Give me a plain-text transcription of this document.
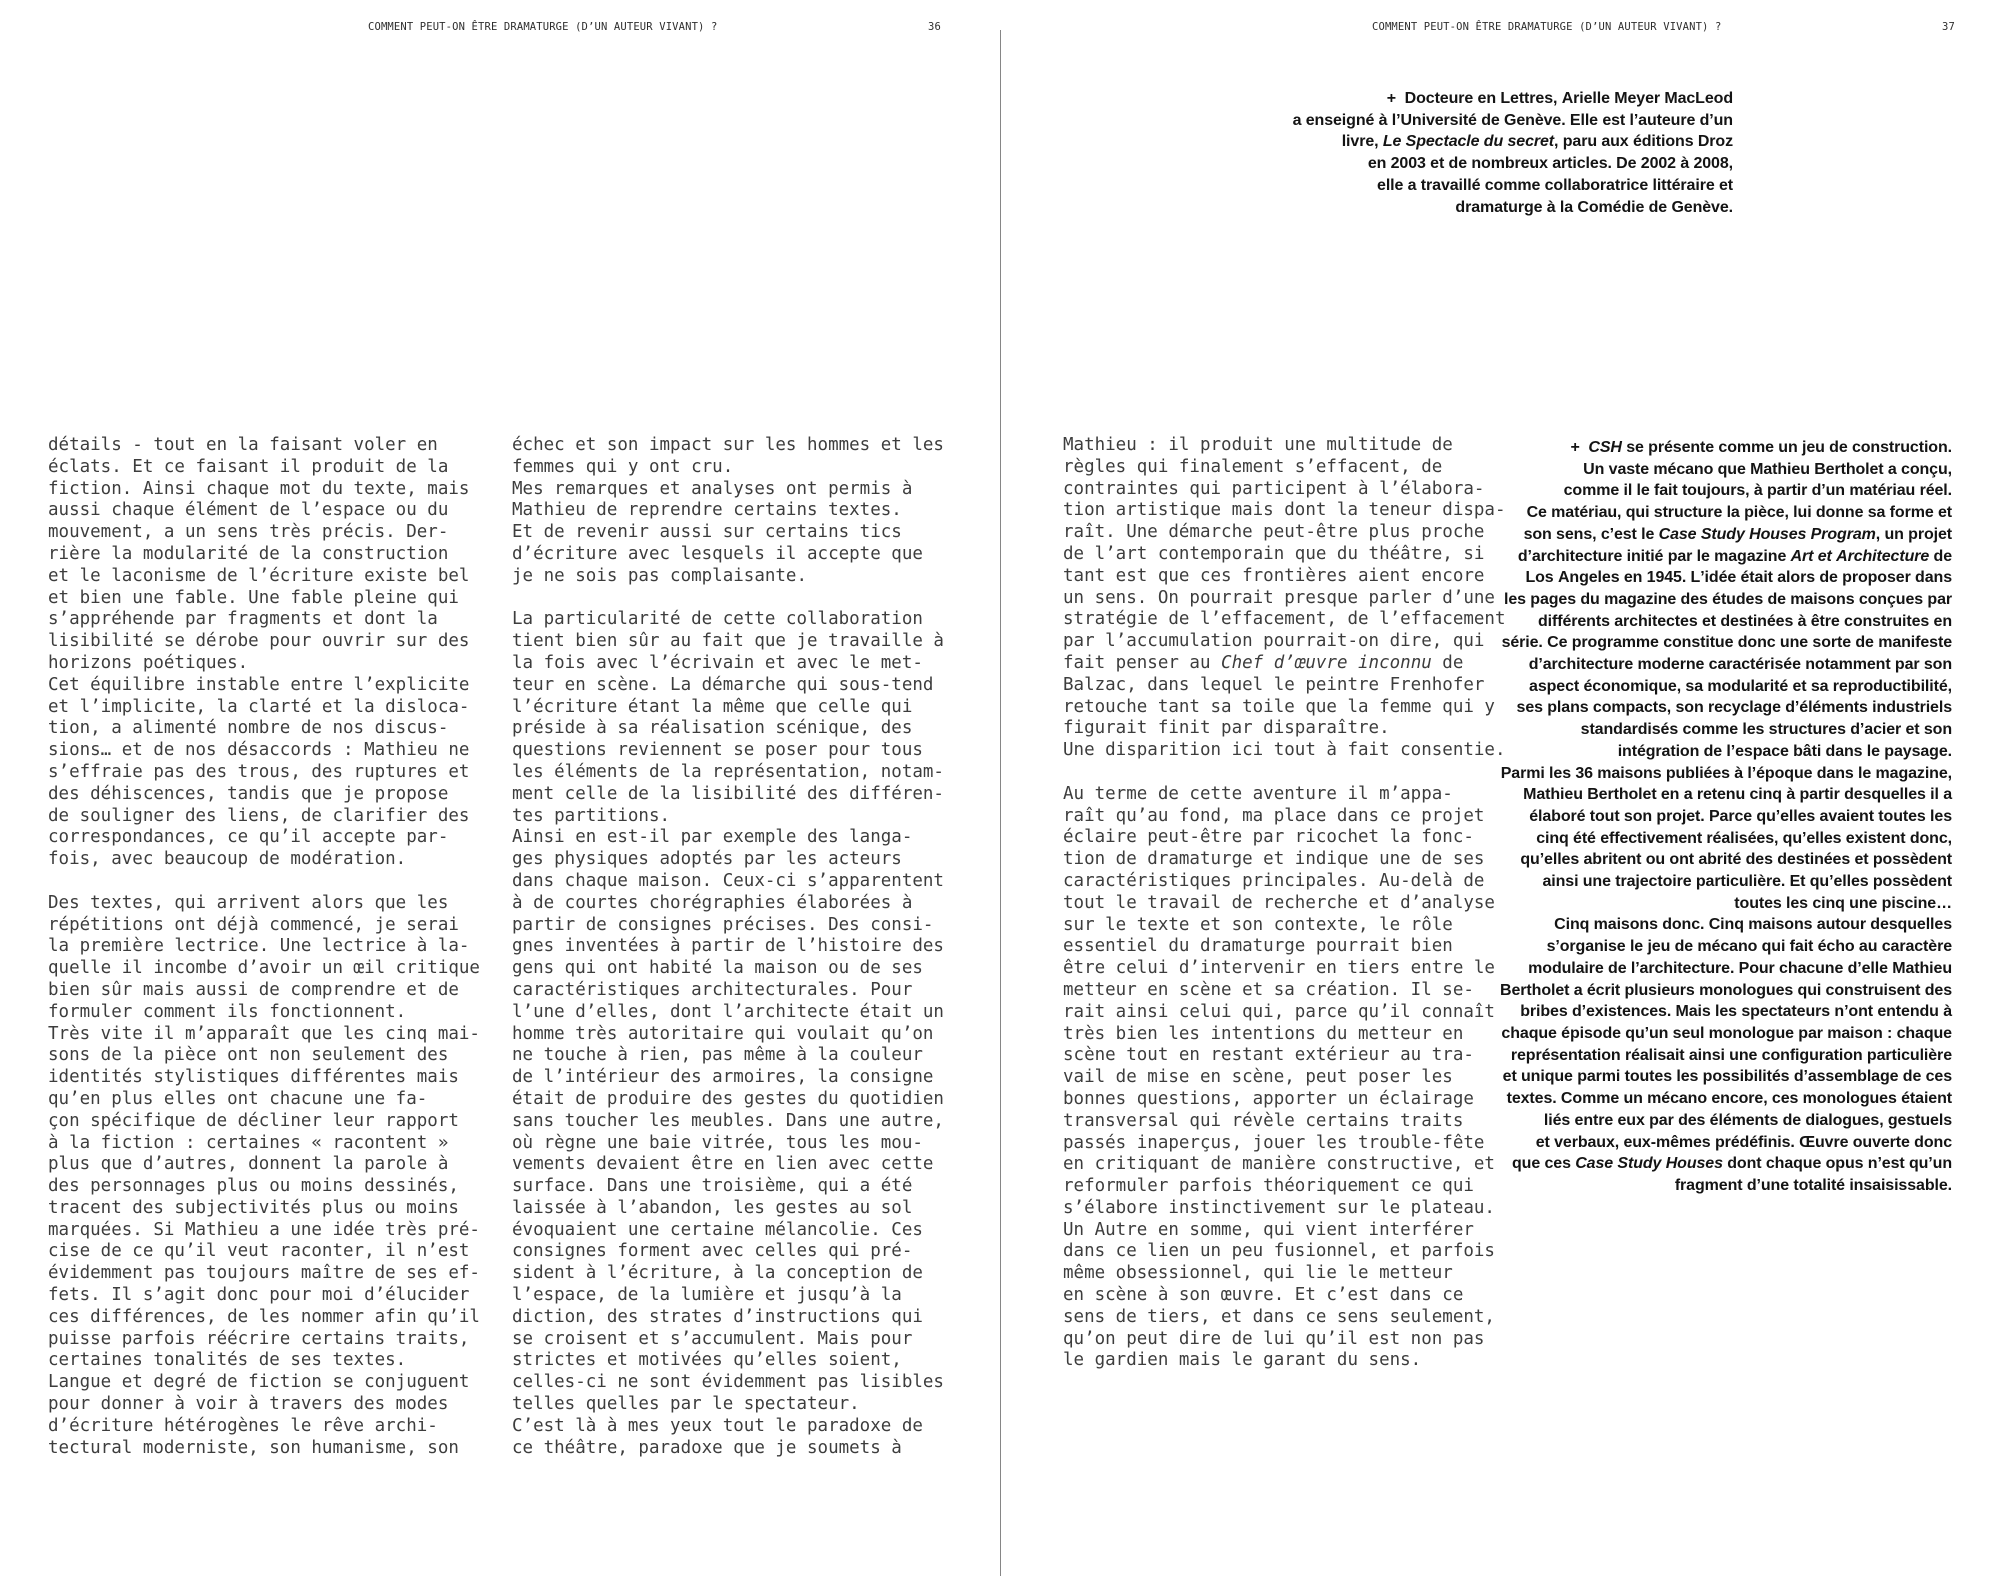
COMMENT PEUT-ON ÊTRE DRAMATURGE (D’UN AUTEUR VIVANT) ?	36
détails - tout en la faisant voler en
éclats. Et ce faisant il produit de la
fiction. Ainsi chaque mot du texte, mais
aussi chaque élément de l’espace ou du
mouvement, a un sens très précis. Der-
rière la modularité de la construction
et le laconisme de l’écriture existe bel
et bien une fable. Une fable pleine qui
s’appréhende par fragments et dont la
lisibilité se dérobe pour ouvrir sur des
horizons poétiques.
Cet équilibre instable entre l’explicite
et l’implicite, la clarté et la disloca-
tion, a alimenté nombre de nos discus-
sions… et de nos désaccords : Mathieu ne
s’effraie pas des trous, des ruptures et
des déhiscences, tandis que je propose
de souligner des liens, de clarifier des
correspondances, ce qu’il accepte par-
fois, avec beaucoup de modération.

Des textes, qui arrivent alors que les
répétitions ont déjà commencé, je serai
la première lectrice. Une lectrice à la-
quelle il incombe d’avoir un œil critique
bien sûr mais aussi de comprendre et de
formuler comment ils fonctionnent.
Très vite il m’apparaît que les cinq mai-
sons de la pièce ont non seulement des
identités stylistiques différentes mais
qu’en plus elles ont chacune une fa-
çon spécifique de décliner leur rapport
à la fiction : certaines « racontent »
plus que d’autres, donnent la parole à
des personnages plus ou moins dessinés,
tracent des subjectivités plus ou moins
marquées. Si Mathieu a une idée très pré-
cise de ce qu’il veut raconter, il n’est
évidemment pas toujours maître de ses ef-
fets. Il s’agit donc pour moi d’élucider
ces différences, de les nommer afin qu’il
puisse parfois réécrire certains traits,
certaines tonalités de ses textes.
Langue et degré de fiction se conjuguent
pour donner à voir à travers des modes
d’écriture hétérogènes le rêve archi-
tectural moderniste, son humanisme, son
échec et son impact sur les hommes et les
femmes qui y ont cru.
Mes remarques et analyses ont permis à
Mathieu de reprendre certains textes.
Et de revenir aussi sur certains tics
d’écriture avec lesquels il accepte que
je ne sois pas complaisante.

La particularité de cette collaboration
tient bien sûr au fait que je travaille à
la fois avec l’écrivain et avec le met-
teur en scène. La démarche qui sous-tend
l’écriture étant la même que celle qui
préside à sa réalisation scénique, des
questions reviennent se poser pour tous
les éléments de la représentation, notam-
ment celle de la lisibilité des différen-
tes partitions.
Ainsi en est-il par exemple des langa-
ges physiques adoptés par les acteurs
dans chaque maison. Ceux-ci s’apparentent
à de courtes chorégraphies élaborées à
partir de consignes précises. Des consi-
gnes inventées à partir de l’histoire des
gens qui ont habité la maison ou de ses
caractéristiques architecturales. Pour
l’une d’elles, dont l’architecte était un
homme très autoritaire qui voulait qu’on
ne touche à rien, pas même à la couleur
de l’intérieur des armoires, la consigne
était de produire des gestes du quotidien
sans toucher les meubles. Dans une autre,
où règne une baie vitrée, tous les mou-
vements devaient être en lien avec cette
surface. Dans une troisième, qui a été
laissée à l’abandon, les gestes au sol
évoquaient une certaine mélancolie. Ces
consignes forment avec celles qui pré-
sident à l’écriture, à la conception de
l’espace, de la lumière et jusqu’à la
diction, des strates d’instructions qui
se croisent et s’accumulent. Mais pour
strictes et motivées qu’elles soient,
celles-ci ne sont évidemment pas lisibles
telles quelles par le spectateur.
C’est là à mes yeux tout le paradoxe de
ce théâtre, paradoxe que je soumets à
COMMENT PEUT-ON ÊTRE DRAMATURGE (D’UN AUTEUR VIVANT) ?	37
+  Docteure en Lettres, Arielle Meyer MacLeod
a enseigné à l’Université de Genève. Elle est l’auteure d’un
livre, Le Spectacle du secret, paru aux éditions Droz
en 2003 et de nombreux articles. De 2002 à 2008,
elle a travaillé comme collaboratrice littéraire et
dramaturge à la Comédie de Genève.
Mathieu : il produit une multitude de
règles qui finalement s’effacent, de
contraintes qui participent à l’élabora-
tion artistique mais dont la teneur dispa-
raît. Une démarche peut-être plus proche
de l’art contemporain que du théâtre, si
tant est que ces frontières aient encore
un sens. On pourrait presque parler d’une
stratégie de l’effacement, de l’effacement
par l’accumulation pourrait-on dire, qui
fait penser au Chef d’œuvre inconnu de
Balzac, dans lequel le peintre Frenhofer
retouche tant sa toile que la femme qui y
figurait finit par disparaître.
Une disparition ici tout à fait consentie.

Au terme de cette aventure il m’appa-
raît qu’au fond, ma place dans ce projet
éclaire peut-être par ricochet la fonc-
tion de dramaturge et indique une de ses
caractéristiques principales. Au-delà de
tout le travail de recherche et d’analyse
sur le texte et son contexte, le rôle
essentiel du dramaturge pourrait bien
être celui d’intervenir en tiers entre le
metteur en scène et sa création. Il se-
rait ainsi celui qui, parce qu’il connaît
très bien les intentions du metteur en
scène tout en restant extérieur au tra-
vail de mise en scène, peut poser les
bonnes questions, apporter un éclairage
transversal qui révèle certains traits
passés inaperçus, jouer les trouble-fête
en critiquant de manière constructive, et
reformuler parfois théoriquement ce qui
s’élabore instinctivement sur le plateau.
Un Autre en somme, qui vient interférer
dans ce lien un peu fusionnel, et parfois
même obsessionnel, qui lie le metteur
en scène à son œuvre. Et c’est dans ce
sens de tiers, et dans ce sens seulement,
qu’on peut dire de lui qu’il est non pas
le gardien mais le garant du sens.
+  CSH se présente comme un jeu de construction.
Un vaste mécano que Mathieu Bertholet a conçu,
comme il le fait toujours, à partir d’un matériau réel.
Ce matériau, qui structure la pièce, lui donne sa forme et
son sens, c’est le Case Study Houses Program, un projet
d’architecture initié par le magazine Art et Architecture de
Los Angeles en 1945. L’idée était alors de proposer dans
les pages du magazine des études de maisons conçues par
différents architectes et destinées à être construites en
série. Ce programme constitue donc une sorte de manifeste
d’architecture moderne caractérisée notamment par son
aspect économique, sa modularité et sa reproductibilité,
ses plans compacts, son recyclage d’éléments industriels
standardisés comme les structures d’acier et son
intégration de l’espace bâti dans le paysage.
Parmi les 36 maisons publiées à l’époque dans le magazine,
Mathieu Bertholet en a retenu cinq à partir desquelles il a
élaboré tout son projet. Parce qu’elles avaient toutes les
cinq été effectivement réalisées, qu’elles existent donc,
qu’elles abritent ou ont abrité des destinées et possèdent
ainsi une trajectoire particulière. Et qu’elles possèdent
toutes les cinq une piscine…
Cinq maisons donc. Cinq maisons autour desquelles
s’organise le jeu de mécano qui fait écho au caractère
modulaire de l’architecture. Pour chacune d’elle Mathieu
Bertholet a écrit plusieurs monologues qui construisent des
bribes d’existences. Mais les spectateurs n’ont entendu à
chaque épisode qu’un seul monologue par maison : chaque
représentation réalisait ainsi une configuration particulière
et unique parmi toutes les possibilités d’assemblage de ces
textes. Comme un mécano encore, ces monologues étaient
liés entre eux par des éléments de dialogues, gestuels
et verbaux, eux-mêmes prédéfinis. Œuvre ouverte donc
que ces Case Study Houses dont chaque opus n’est qu’un
fragment d’une totalité insaisissable.
